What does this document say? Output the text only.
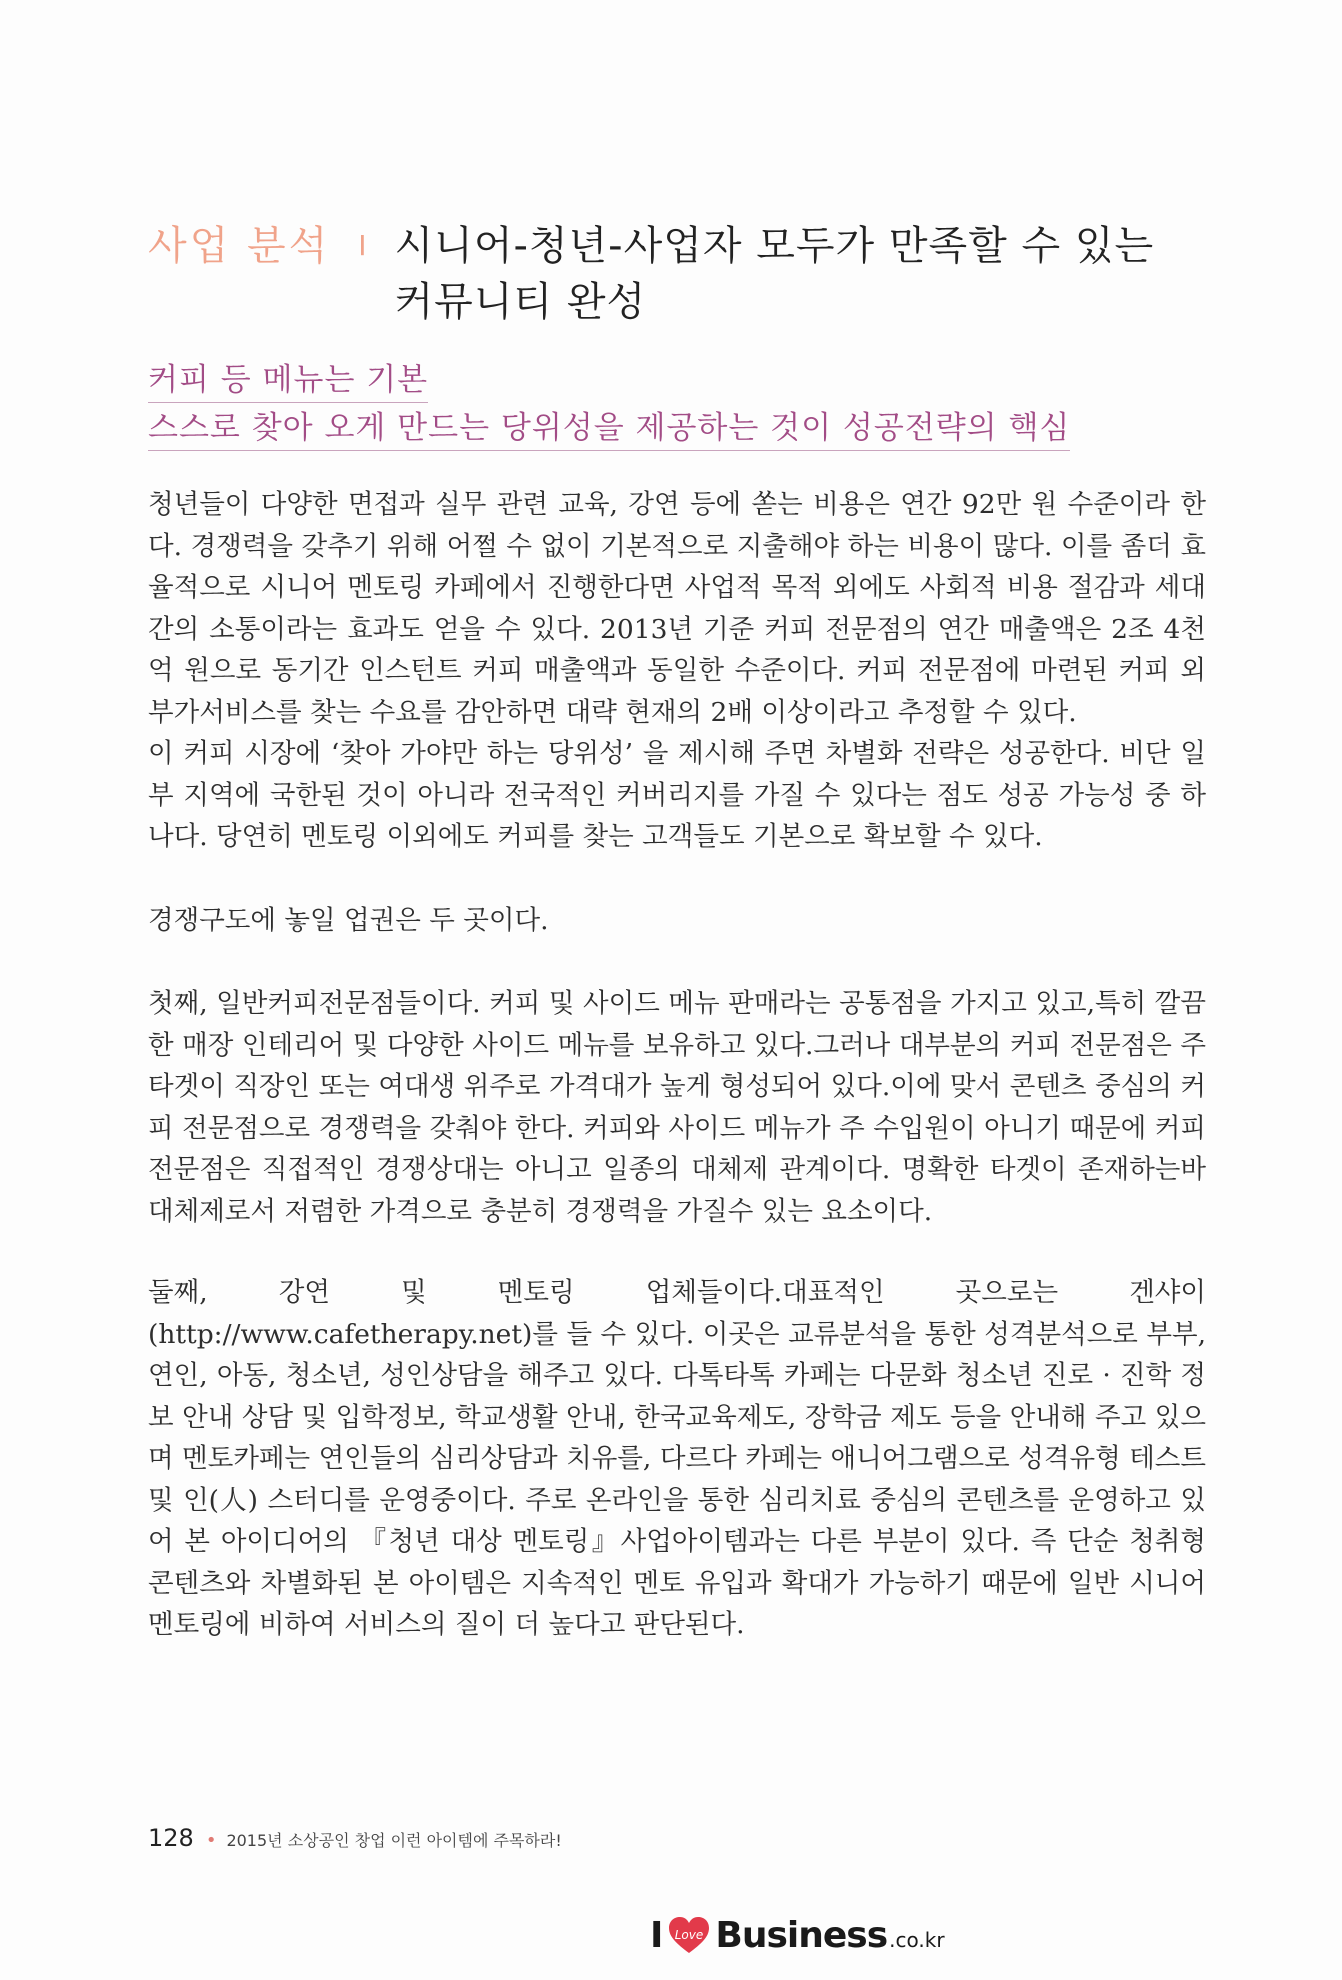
사업 분석 I 시니어-청년-사업자 모두가 만족할 수 있는
커뮤니티 완성
커피 등 메뉴는 기본
스스로 찾아 오게 만드는 당위성을 제공하는 것이 성공전략의 핵심

청년들이 다양한 면접과 실무 관련 교육, 강연 등에 쏟는 비용은 연간 92만 원 수준이라 한다. 경쟁력을 갖추기 위해 어쩔 수 없이 기본적으로 지출해야 하는 비용이 많다. 이를 좀더 효율적으로 시니어 멘토링 카페에서 진행한다면 사업적 목적 외에도 사회적 비용 절감과 세대간의 소통이라는 효과도 얻을 수 있다. 2013년 기준 커피 전문점의 연간 매출액은 2조 4천억 원으로 동기간 인스턴트 커피 매출액과 동일한 수준이다. 커피 전문점에 마련된 커피 외 부가서비스를 찾는 수요를 감안하면 대략 현재의 2배 이상이라고 추정할 수 있다.

이 커피 시장에 ‘찾아 가야만 하는 당위성’ 을 제시해 주면 차별화 전략은 성공한다. 비단 일부 지역에 국한된 것이 아니라 전국적인 커버리지를 가질 수 있다는 점도 성공 가능성 중 하나다. 당연히 멘토링 이외에도 커피를 찾는 고객들도 기본으로 확보할 수 있다.

경쟁구도에 놓일 업권은 두 곳이다.

첫째, 일반커피전문점들이다. 커피 및 사이드 메뉴 판매라는 공통점을 가지고 있고,특히 깔끔한 매장 인테리어 및 다양한 사이드 메뉴를 보유하고 있다.그러나 대부분의 커피 전문점은 주 타겟이 직장인 또는 여대생 위주로 가격대가 높게 형성되어 있다.이에 맞서 콘텐츠 중심의 커피 전문점으로 경쟁력을 갖춰야 한다. 커피와 사이드 메뉴가 주 수입원이 아니기 때문에 커피 전문점은 직접적인 경쟁상대는 아니고 일종의 대체제 관계이다. 명확한 타겟이 존재하는바 대체제로서 저렴한 가격으로 충분히 경쟁력을 가질수 있는 요소이다.

둘째, 강연 및 멘토링 업체들이다.대표적인 곳으로는 겐샤이(http://www.cafetherapy.net)를 들 수 있다. 이곳은 교류분석을 통한 성격분석으로 부부, 연인, 아동, 청소년, 성인상담을 해주고 있다. 다톡타톡 카페는 다문화 청소년 진로 · 진학 정보 안내 상담 및 입학정보, 학교생활 안내, 한국교육제도, 장학금 제도 등을 안내해 주고 있으며 멘토카페는 연인들의 심리상담과 치유를, 다르다 카페는 애니어그램으로 성격유형 테스트 및 인(人) 스터디를 운영중이다. 주로 온라인을 통한 심리치료 중심의 콘텐츠를 운영하고 있어 본 아이디어의 『청년 대상 멘토링』사업아이템과는 다른 부분이 있다. 즉 단순 청취형 콘텐츠와 차별화된 본 아이템은 지속적인 멘토 유입과 확대가 가능하기 때문에 일반 시니어 멘토링에 비하여 서비스의 질이 더 높다고 판단된다.

128 • 2015년 소상공인 창업 이런 아이템에 주목하라!
I Love Business .co.kr
